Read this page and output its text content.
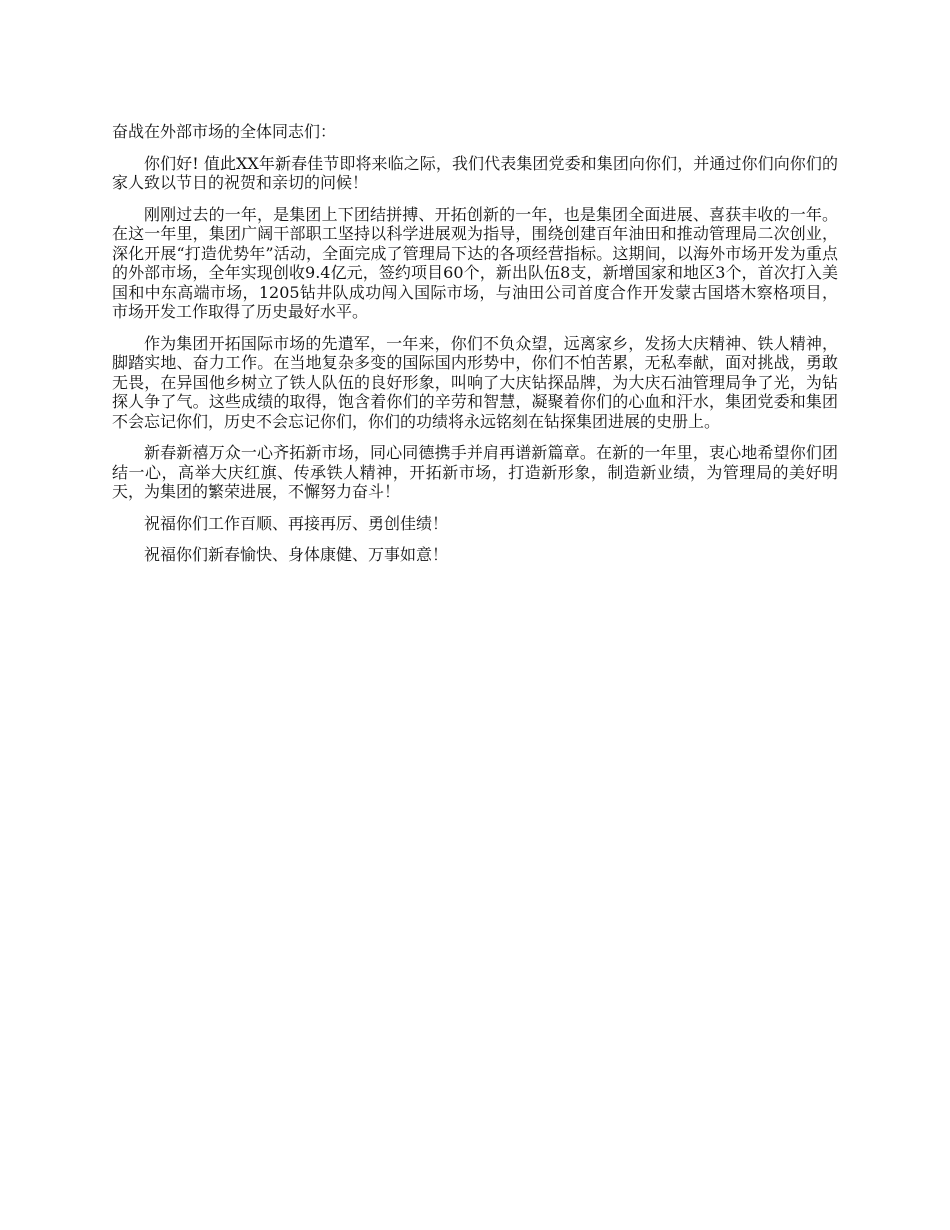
奋战在外部市场的全体同志们：

你们好! 值此XX年新春佳节即将来临之际，我们代表集团党委和集团向你们，并通过你们向你们的家人致以节日的祝贺和亲切的问候！

刚刚过去的一年，是集团上下团结拼搏、开拓创新的一年，也是集团全面进展、喜获丰收的一年。在这一年里，集团广阔干部职工坚持以科学进展观为指导，围绕创建百年油田和推动管理局二次创业，深化开展“打造优势年”活动，全面完成了管理局下达的各项经营指标。这期间，以海外市场开发为重点的外部市场，全年实现创收9.4亿元，签约项目60个，新出队伍8支，新增国家和地区3个，首次打入美国和中东高端市场，1205钻井队成功闯入国际市场，与油田公司首度合作开发蒙古国塔木察格项目，市场开发工作取得了历史最好水平。

作为集团开拓国际市场的先遣军，一年来，你们不负众望，远离家乡，发扬大庆精神、铁人精神，脚踏实地、奋力工作。在当地复杂多变的国际国内形势中，你们不怕苦累，无私奉献，面对挑战，勇敢无畏，在异国他乡树立了铁人队伍的良好形象，叫响了大庆钻探品牌，为大庆石油管理局争了光，为钻探人争了气。这些成绩的取得，饱含着你们的辛劳和智慧，凝聚着你们的心血和汗水，集团党委和集团不会忘记你们，历史不会忘记你们，你们的功绩将永远铭刻在钻探集团进展的史册上。

新春新禧万众一心齐拓新市场，同心同德携手并肩再谱新篇章。在新的一年里，衷心地希望你们团结一心，高举大庆红旗、传承铁人精神，开拓新市场，打造新形象，制造新业绩，为管理局的美好明天，为集团的繁荣进展，不懈努力奋斗！

祝福你们工作百顺、再接再厉、勇创佳绩！

祝福你们新春愉快、身体康健、万事如意！
